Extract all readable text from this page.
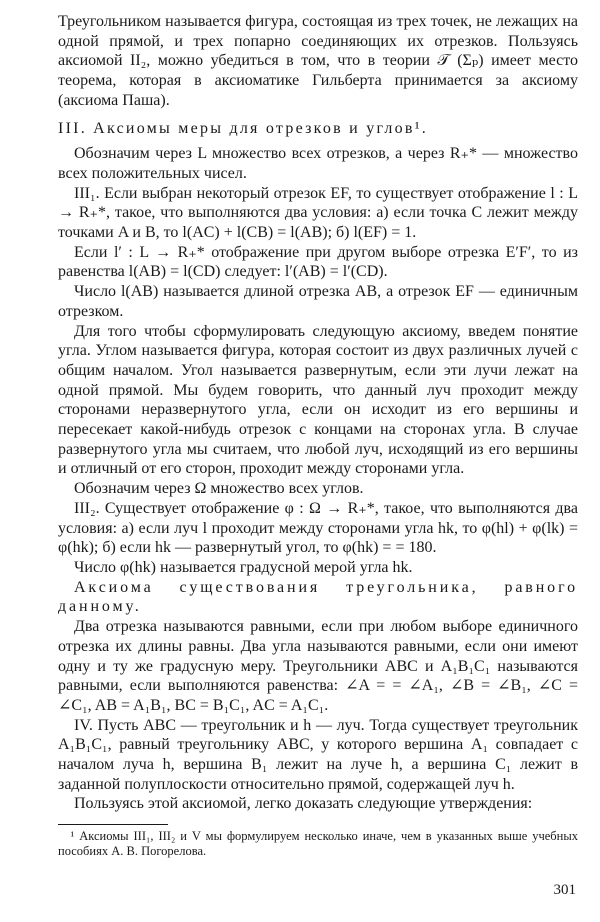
Треугольником называется фигура, состоящая из трех точек, не лежащих на одной прямой, и трех попарно соединяющих их отрезков. Пользуясь аксиомой II₂, можно убедиться в том, что в теории 𝒯 (Σₚ) имеет место теорема, которая в аксиоматике Гильберта принимается за аксиому (аксиома Паша).

III. Аксиомы меры для отрезков и углов¹.

Обозначим через L множество всех отрезков, а через R₊* — множество всех положительных чисел.

III₁. Если выбран некоторый отрезок EF, то существует отображение l : L → R₊*, такое, что выполняются два условия: а) если точка C лежит между точками A и B, то l(AC) + l(CB) = l(AB); б) l(EF) = 1.

Если l′ : L → R₊* отображение при другом выборе отрезка E′F′, то из равенства l(AB) = l(CD) следует: l′(AB) = l′(CD).

Число l(AB) называется длиной отрезка AB, а отрезок EF — единичным отрезком.

Для того чтобы сформулировать следующую аксиому, введем понятие угла. Углом называется фигура, которая состоит из двух различных лучей с общим началом. Угол называется развернутым, если эти лучи лежат на одной прямой. Мы будем говорить, что данный луч проходит между сторонами неразвернутого угла, если он исходит из его вершины и пересекает какой-нибудь отрезок с концами на сторонах угла. В случае развернутого угла мы считаем, что любой луч, исходящий из его вершины и отличный от его сторон, проходит между сторонами угла.

Обозначим через Ω множество всех углов.

III₂. Существует отображение φ : Ω → R₊*, такое, что выполняются два условия: а) если луч l проходит между сторонами угла hk, то φ(hl) + φ(lk) = φ(hk); б) если hk — развернутый угол, то φ(hk) = = 180.

Число φ(hk) называется градусной мерой угла hk.

Аксиома существования треугольника, равного данному.

Два отрезка называются равными, если при любом выборе единичного отрезка их длины равны. Два угла называются равными, если они имеют одну и ту же градусную меру. Треугольники ABC и A₁B₁C₁ называются равными, если выполняются равенства: ∠A = = ∠A₁, ∠B = ∠B₁, ∠C = ∠C₁, AB = A₁B₁, BC = B₁C₁, AC = A₁C₁.

IV. Пусть ABC — треугольник и h — луч. Тогда существует треугольник A₁B₁C₁, равный треугольнику ABC, у которого вершина A₁ совпадает с началом луча h, вершина B₁ лежит на луче h, а вершина C₁ лежит в заданной полуплоскости относительно прямой, содержащей луч h.

Пользуясь этой аксиомой, легко доказать следующие утверждения:

¹ Аксиомы III₁, III₂ и V мы формулируем несколько иначе, чем в указанных выше учебных пособиях А. В. Погорелова.

301
